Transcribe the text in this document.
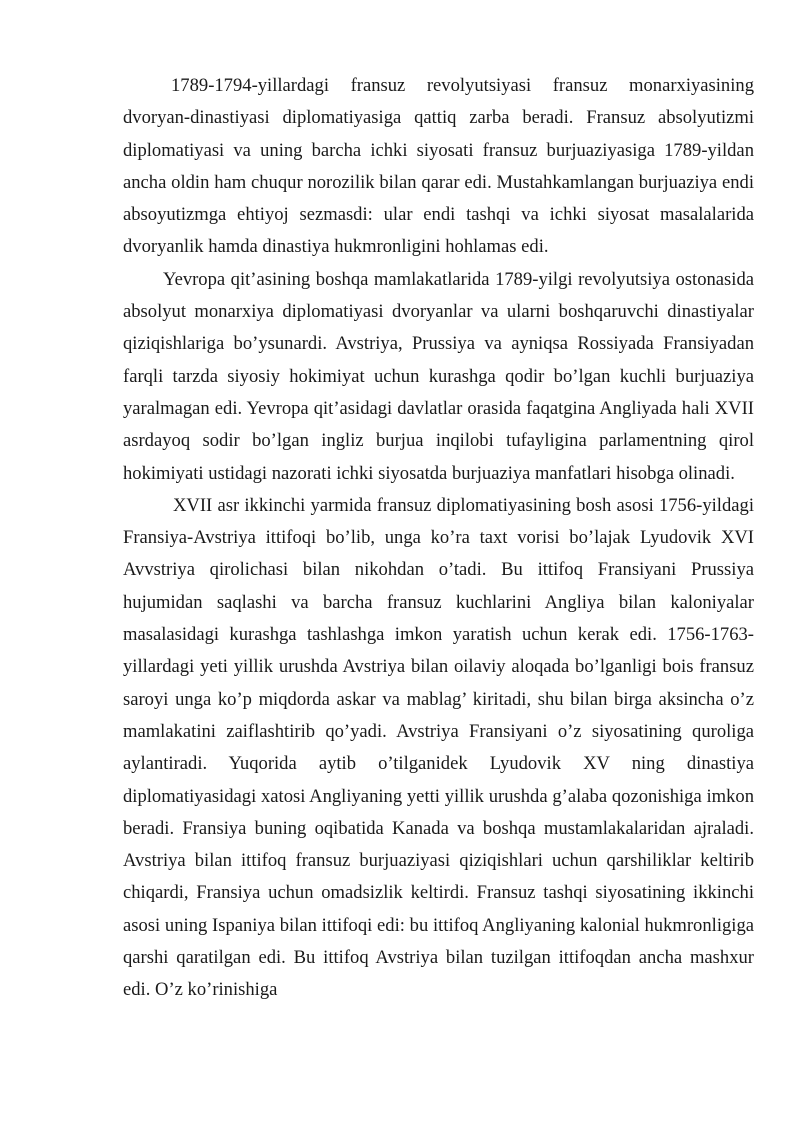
1789-1794-yillardagi fransuz revolyutsiyasi fransuz monarxiyasining dvoryan-dinastiyasi diplomatiyasiga qattiq zarba beradi. Fransuz absolyutizmi diplomatiyasi va uning barcha ichki siyosati fransuz burjuaziyasiga 1789-yildan ancha oldin ham chuqur norozilik bilan qarar edi. Mustahkamlangan burjuaziya endi absoyutizmga ehtiyoj sezmasdi: ular endi tashqi va ichki siyosat masalalarida dvoryanlik hamda dinastiya hukmronligini hohlamas edi.

Yevropa qit’asining boshqa mamlakatlarida 1789-yilgi revolyutsiya ostonasida absolyut monarxiya diplomatiyasi dvoryanlar va ularni boshqaruvchi dinastiyalar qiziqishlariga bo’ysunardi. Avstriya, Prussiya va ayniqsa Rossiyada Fransiyadan farqli tarzda siyosiy hokimiyat uchun kurashga qodir bo’lgan kuchli burjuaziya yaralmagan edi. Yevropa qit’asidagi davlatlar orasida faqatgina Angliyada hali XVII asrdayoq sodir bo’lgan ingliz burjua inqilobi tufayligina parlamentning qirol hokimiyati ustidagi nazorati ichki siyosatda burjuaziya manfatlari hisobga olinadi.

XVII asr ikkinchi yarmida fransuz diplomatiyasining bosh asosi 1756-yildagi Fransiya-Avstriya ittifoqi bo’lib, unga ko’ra taxt vorisi bo’lajak Lyudovik XVI Avvstriya qirolichasi bilan nikohdan o’tadi. Bu ittifoq Fransiyani Prussiya hujumidan saqlashi va barcha fransuz kuchlarini Angliya bilan kaloniyalar masalasidagi kurashga tashlashga imkon yaratish uchun kerak edi. 1756-1763-yillardagi yeti yillik urushda Avstriya bilan oilaviy aloqada bo’lganligi bois fransuz saroyi unga ko’p miqdorda askar va mablag’ kiritadi, shu bilan birga aksincha o’z mamlakatini zaiflashtirib qo’yadi. Avstriya Fransiyani o’z siyosatining quroliga aylantiradi. Yuqorida aytib o’tilganidek Lyudovik XV ning dinastiya diplomatiyasidagi xatosi Angliyaning yetti yillik urushda g’alaba qozonishiga imkon beradi. Fransiya buning oqibatida Kanada va boshqa mustamlakalaridan ajraladi. Avstriya bilan ittifoq fransuz burjuaziyasi qiziqishlari uchun qarshiliklar keltirib chiqardi, Fransiya uchun omadsizlik keltirdi. Fransuz tashqi siyosatining ikkinchi asosi uning Ispaniya bilan ittifoqi edi: bu ittifoq Angliyaning kalonial hukmronligiga qarshi qaratilgan edi. Bu ittifoq Avstriya bilan tuzilgan ittifoqdan ancha mashxur edi. O’z ko’rinishiga
